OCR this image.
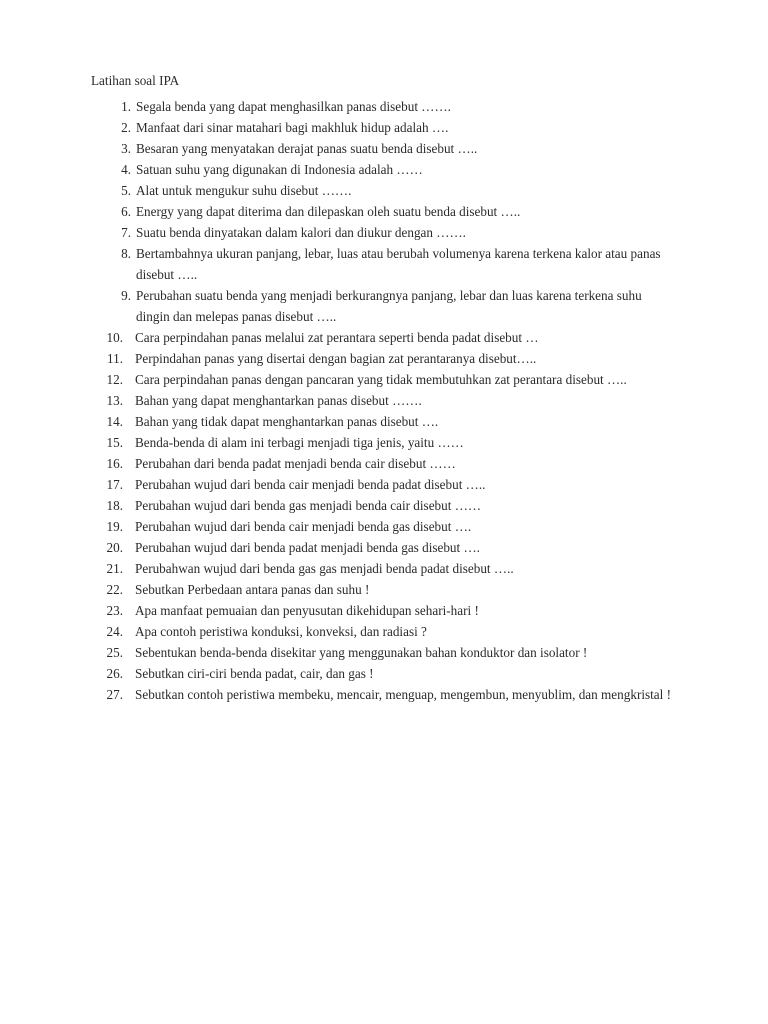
Latihan soal IPA
1. Segala benda yang dapat menghasilkan panas disebut …….
2. Manfaat dari sinar matahari bagi makhluk hidup adalah ….
3. Besaran yang menyatakan derajat panas suatu benda disebut …..
4. Satuan suhu yang digunakan di Indonesia adalah ……
5. Alat untuk mengukur suhu disebut …….
6. Energy yang dapat diterima dan dilepaskan oleh suatu benda disebut …..
7. Suatu benda dinyatakan dalam kalori dan diukur dengan …….
8. Bertambahnya ukuran panjang, lebar, luas atau berubah volumenya karena terkena kalor atau panas disebut …..
9. Perubahan suatu benda yang menjadi berkurangnya panjang, lebar dan luas karena terkena suhu dingin dan melepas panas disebut …..
10. Cara perpindahan panas melalui zat perantara seperti benda padat disebut …
11. Perpindahan panas yang disertai dengan bagian zat perantaranya disebut…..
12. Cara perpindahan panas dengan pancaran yang tidak membutuhkan zat perantara disebut …..
13. Bahan yang dapat menghantarkan panas disebut …….
14. Bahan yang tidak dapat menghantarkan panas disebut ….
15. Benda-benda di alam ini terbagi menjadi tiga jenis, yaitu ……
16. Perubahan dari benda padat menjadi benda cair disebut ……
17. Perubahan wujud dari benda cair menjadi benda padat disebut …..
18. Perubahan wujud dari benda gas menjadi benda cair disebut ……
19. Perubahan wujud dari benda cair menjadi benda gas disebut ….
20. Perubahan wujud dari benda padat menjadi benda gas disebut ….
21. Perubahwan wujud dari benda gas gas menjadi benda padat disebut …..
22. Sebutkan Perbedaan antara panas dan suhu !
23. Apa manfaat pemuaian dan penyusutan dikehidupan sehari-hari !
24. Apa contoh peristiwa konduksi, konveksi, dan radiasi ?
25. Sebentukan benda-benda disekitar yang menggunakan bahan konduktor dan isolator !
26. Sebutkan ciri-ciri benda padat, cair, dan gas !
27. Sebutkan contoh peristiwa membeku, mencair, menguap, mengembun, menyublim, dan mengkristal !
